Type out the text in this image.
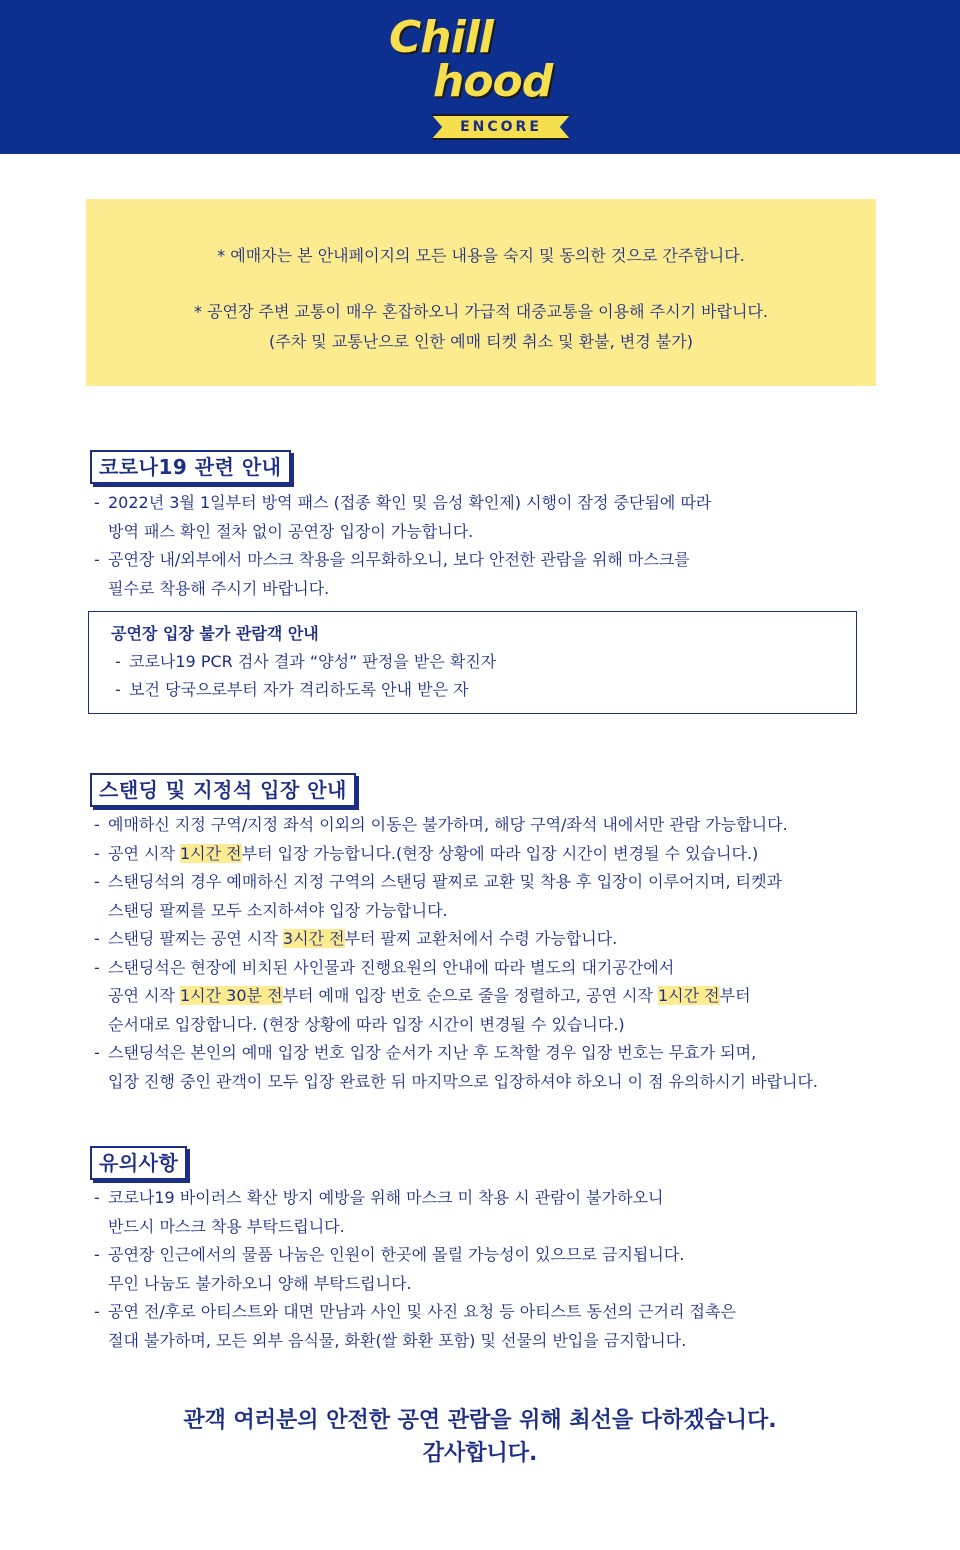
Chill
hood
ENCORE

* 예매자는 본 안내페이지의 모든 내용을 숙지 및 동의한 것으로 간주합니다.

* 공연장 주변 교통이 매우 혼잡하오니 가급적 대중교통을 이용해 주시기 바랍니다.

(주차 및 교통난으로 인한 예매 티켓 취소 및 환불, 변경 불가)

코로나19 관련 안내
- 2022년 3월 1일부터 방역 패스 (접종 확인 및 음성 확인제) 시행이 잠정 중단됨에 따라
방역 패스 확인 절차 없이 공연장 입장이 가능합니다.
- 공연장 내/외부에서 마스크 착용을 의무화하오니, 보다 안전한 관람을 위해 마스크를
필수로 착용해 주시기 바랍니다.
공연장 입장 불가 관람객 안내
- 코로나19 PCR 검사 결과 “양성” 판정을 받은 확진자
- 보건 당국으로부터 자가 격리하도록 안내 받은 자
스탠딩 및 지정석 입장 안내
- 예매하신 지정 구역/지정 좌석 이외의 이동은 불가하며, 해당 구역/좌석 내에서만 관람 가능합니다.
- 공연 시작 1시간 전부터 입장 가능합니다.(현장 상황에 따라 입장 시간이 변경될 수 있습니다.)
- 스탠딩석의 경우 예매하신 지정 구역의 스탠딩 팔찌로 교환 및 착용 후 입장이 이루어지며, 티켓과
스탠딩 팔찌를 모두 소지하셔야 입장 가능합니다.
- 스탠딩 팔찌는 공연 시작 3시간 전부터 팔찌 교환처에서 수령 가능합니다.
- 스탠딩석은 현장에 비치된 사인물과 진행요원의 안내에 따라 별도의 대기공간에서
공연 시작 1시간 30분 전부터 예매 입장 번호 순으로 줄을 정렬하고, 공연 시작 1시간 전부터
순서대로 입장합니다. (현장 상황에 따라 입장 시간이 변경될 수 있습니다.)
- 스탠딩석은 본인의 예매 입장 번호 입장 순서가 지난 후 도착할 경우 입장 번호는 무효가 되며,
입장 진행 중인 관객이 모두 입장 완료한 뒤 마지막으로 입장하셔야 하오니 이 점 유의하시기 바랍니다.
유의사항
- 코로나19 바이러스 확산 방지 예방을 위해 마스크 미 착용 시 관람이 불가하오니
반드시 마스크 착용 부탁드립니다.
- 공연장 인근에서의 물품 나눔은 인원이 한곳에 몰릴 가능성이 있으므로 금지됩니다.
무인 나눔도 불가하오니 양해 부탁드립니다.
- 공연 전/후로 아티스트와 대면 만남과 사인 및 사진 요청 등 아티스트 동선의 근거리 접촉은
절대 불가하며, 모든 외부 음식물, 화환(쌀 화환 포함) 및 선물의 반입을 금지합니다.

관객 여러분의 안전한 공연 관람을 위해 최선을 다하겠습니다.

감사합니다.
